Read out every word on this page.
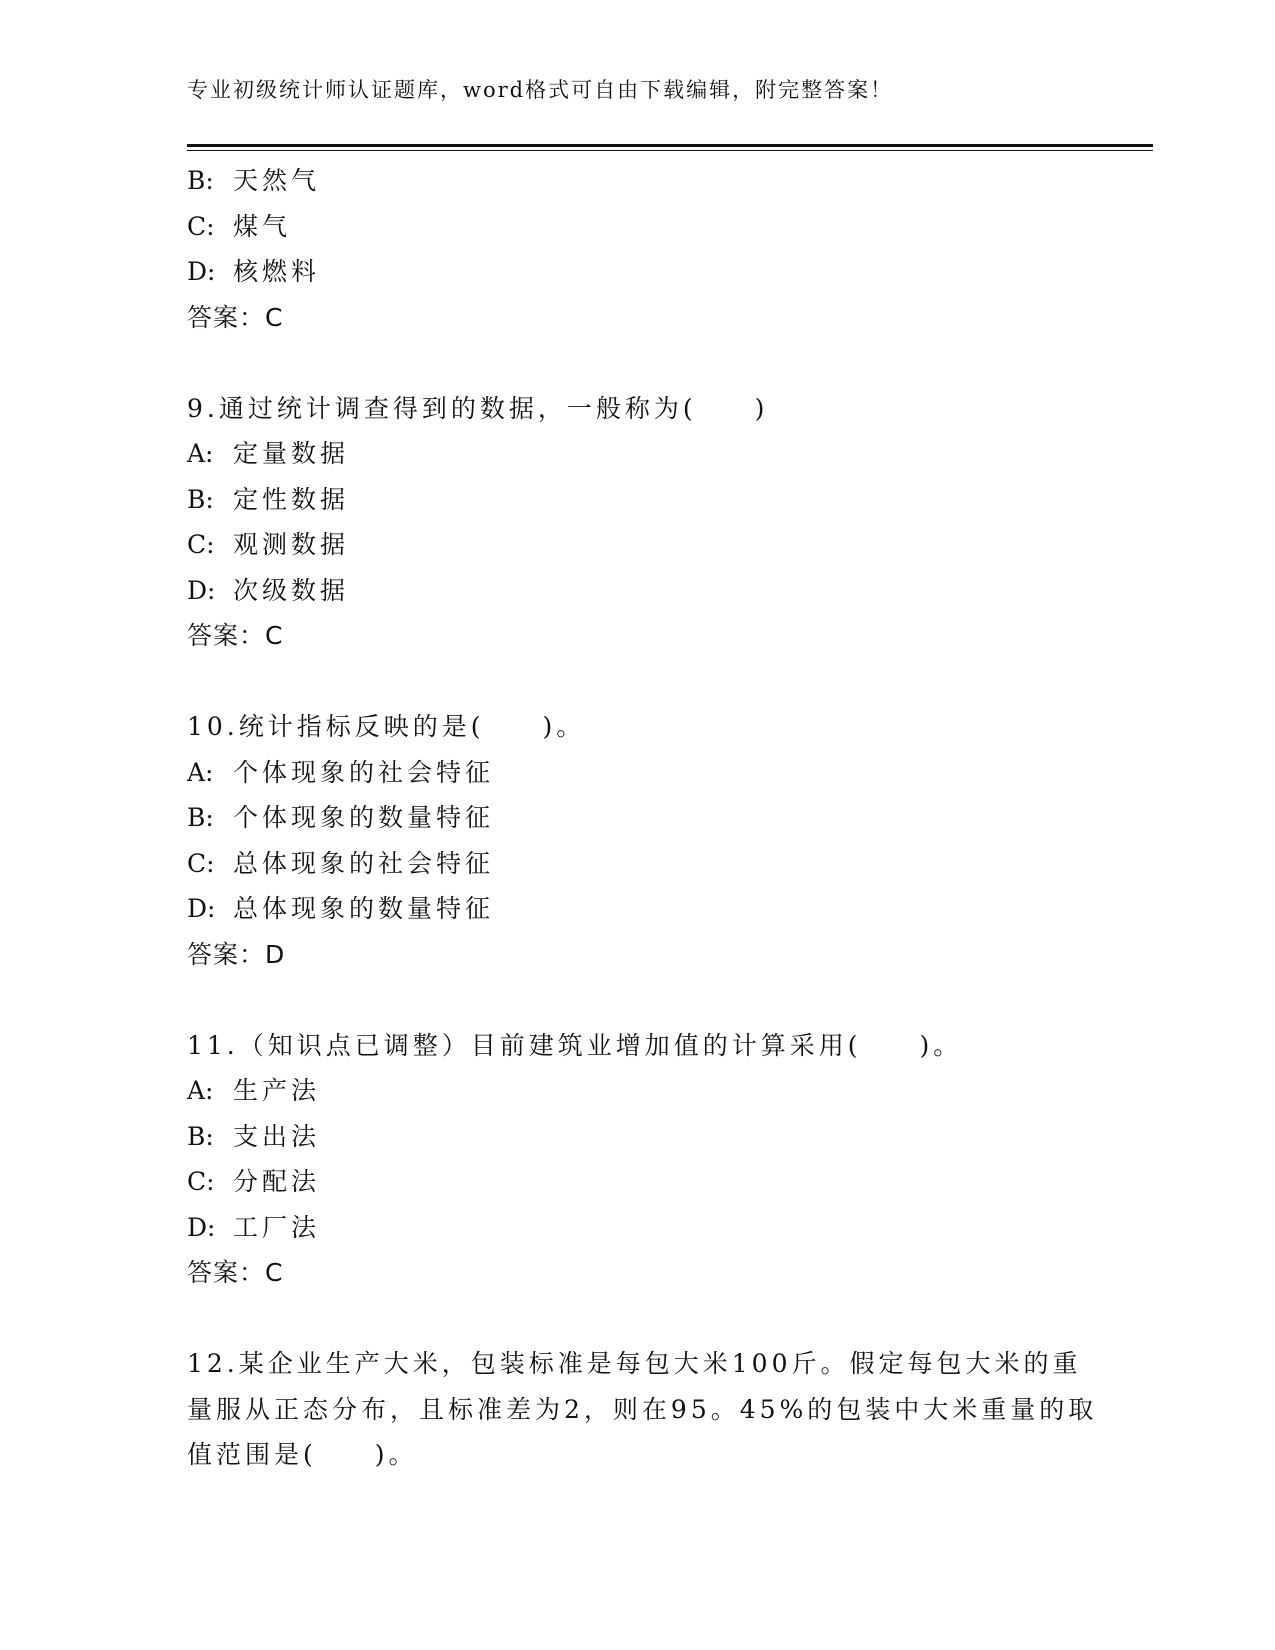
专业初级统计师认证题库，word格式可自由下载编辑，附完整答案！
B: 天然气
C: 煤气
D: 核燃料
答案：C
9.通过统计调查得到的数据，一般称为(　　)
A: 定量数据
B: 定性数据
C: 观测数据
D: 次级数据
答案：C
10.统计指标反映的是(　　)。
A: 个体现象的社会特征
B: 个体现象的数量特征
C: 总体现象的社会特征
D: 总体现象的数量特征
答案：D
11.（知识点已调整）目前建筑业增加值的计算采用(　　)。
A: 生产法
B: 支出法
C: 分配法
D: 工厂法
答案：C
12.某企业生产大米，包装标准是每包大米100斤。假定每包大米的重
量服从正态分布，且标准差为2，则在95。45%的包装中大米重量的取
值范围是(　　)。
